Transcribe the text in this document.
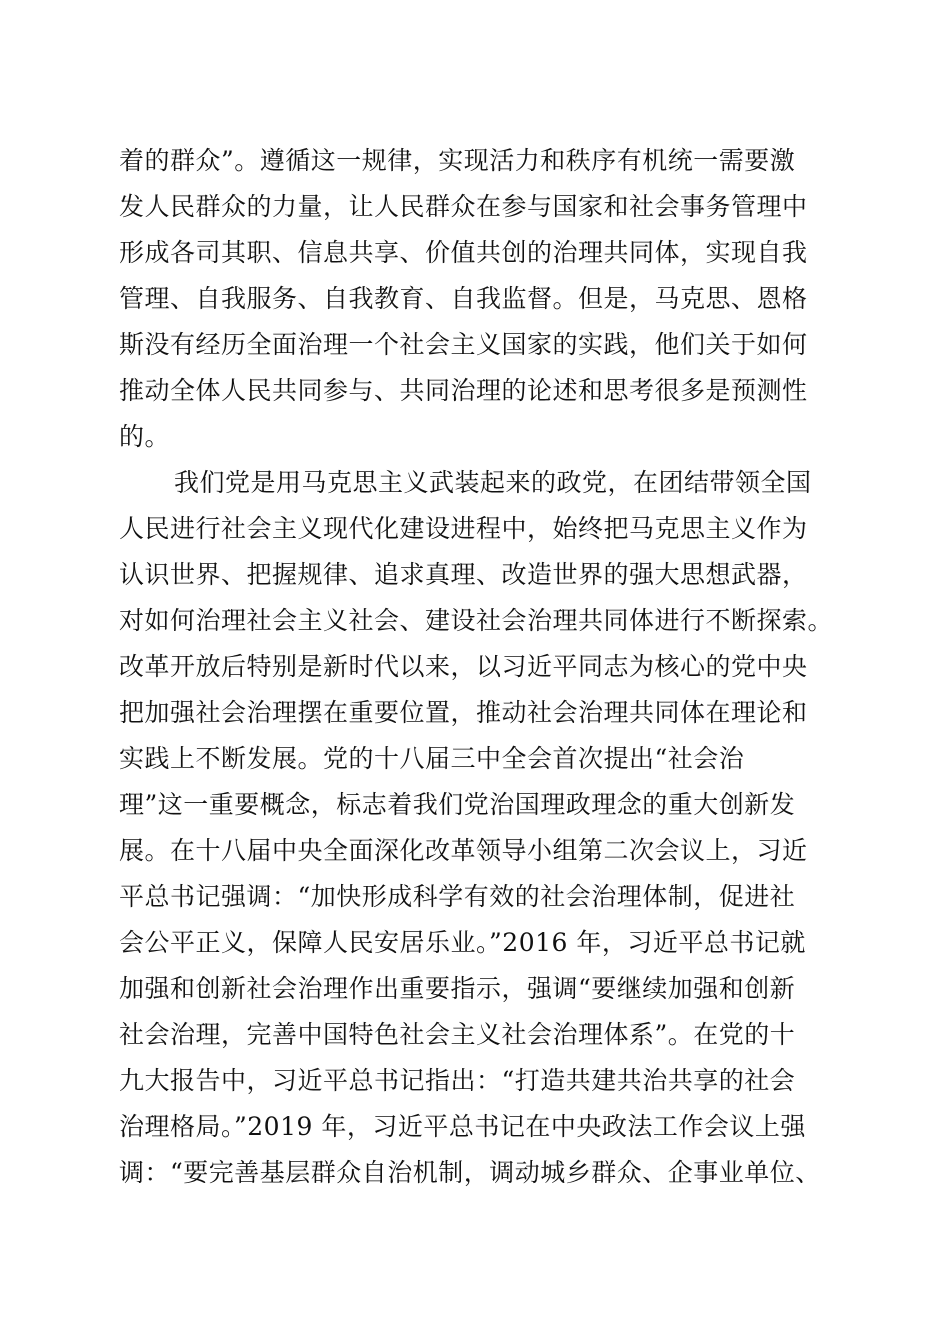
着的群众”。遵循这一规律，实现活力和秩序有机统一需要激
发人民群众的力量，让人民群众在参与国家和社会事务管理中
形成各司其职、信息共享、价值共创的治理共同体，实现自我
管理、自我服务、自我教育、自我监督。但是，马克思、恩格
斯没有经历全面治理一个社会主义国家的实践，他们关于如何
推动全体人民共同参与、共同治理的论述和思考很多是预测性
的。
我们党是用马克思主义武装起来的政党，在团结带领全国
人民进行社会主义现代化建设进程中，始终把马克思主义作为
认识世界、把握规律、追求真理、改造世界的强大思想武器，
对如何治理社会主义社会、建设社会治理共同体进行不断探索。
改革开放后特别是新时代以来，以习近平同志为核心的党中央
把加强社会治理摆在重要位置，推动社会治理共同体在理论和
实践上不断发展。党的十八届三中全会首次提出“社会治
理”这一重要概念，标志着我们党治国理政理念的重大创新发
展。在十八届中央全面深化改革领导小组第二次会议上，习近
平总书记强调：“加快形成科学有效的社会治理体制，促进社
会公平正义，保障人民安居乐业。”2016 年，习近平总书记就
加强和创新社会治理作出重要指示，强调“要继续加强和创新
社会治理，完善中国特色社会主义社会治理体系”。在党的十
九大报告中，习近平总书记指出：“打造共建共治共享的社会
治理格局。”2019 年，习近平总书记在中央政法工作会议上强
调：“要完善基层群众自治机制，调动城乡群众、企事业单位、
